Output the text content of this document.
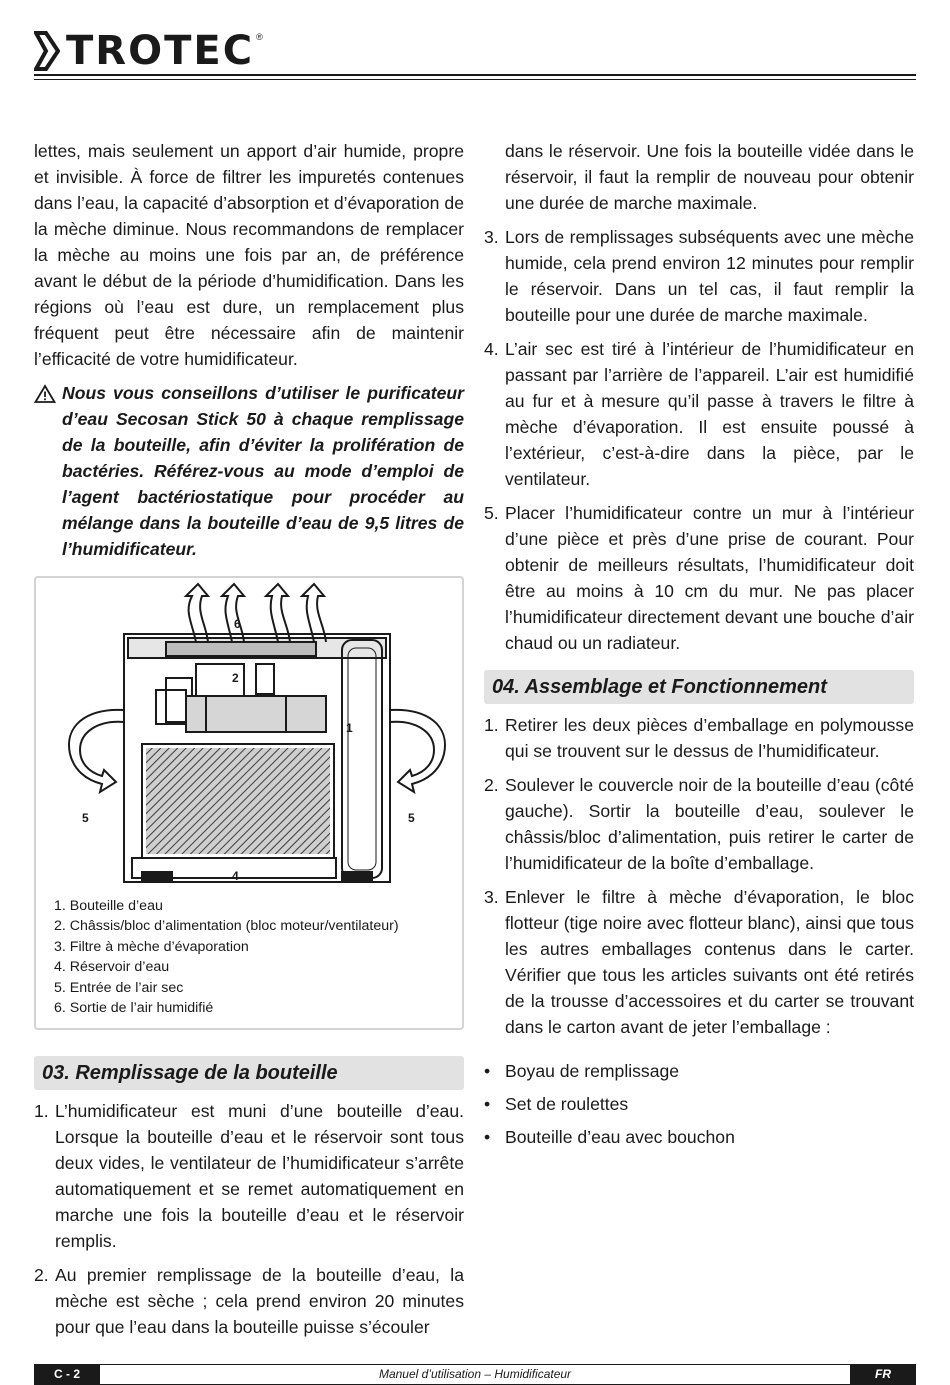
TROTEC ®

lettes, mais seulement un apport d’air humide, propre et invisible. À force de filtrer les impuretés contenues dans l’eau, la capacité d’absorption et d’évaporation de la mèche diminue. Nous recommandons de remplacer la mèche au moins une fois par an, de préférence avant le début de la période d’humidification. Dans les régions où l’eau est dure, un remplacement plus fréquent peut être nécessaire afin de maintenir l’efficacité de votre humidificateur.

Nous vous conseillons d’utiliser le purificateur d’eau Secosan Stick 50 à chaque remplissage de la bouteille, afin d’éviter la prolifération de bactéries. Référez-vous au mode d’emploi de l’agent bactériostatique pour procéder au mélange dans la bouteille d’eau de 9,5 litres de l’humidificateur.
6
2
1
5	5
4
1. Bouteille d’eau
2. Châssis/bloc d’alimentation (bloc moteur/ventilateur)
3. Filtre à mèche d’évaporation
4. Réservoir d’eau
5. Entrée de l’air sec
6. Sortie de l’air humidifié
03. Remplissage de la bouteille
1. L’humidificateur est muni d’une bouteille d’eau. Lorsque la bouteille d’eau et le réservoir sont tous deux vides, le ventilateur de l’humidificateur s’arrête automatiquement et se remet automatiquement en marche une fois la bouteille d’eau et le réservoir remplis.
2. Au premier remplissage de la bouteille d’eau, la mèche est sèche ; cela prend environ 20 minutes pour que l’eau dans la bouteille puisse s’écouler

dans le réservoir. Une fois la bouteille vidée dans le réservoir, il faut la remplir de nouveau pour obtenir une durée de marche maximale.

3. Lors de remplissages subséquents avec une mèche humide, cela prend environ 12 minutes pour remplir le réservoir. Dans un tel cas, il faut remplir la bouteille pour une durée de marche maximale.
4. L’air sec est tiré à l’intérieur de l’humidificateur en passant par l’arrière de l’appareil. L’air est humidifié au fur et à mesure qu’il passe à travers le filtre à mèche d’évaporation. Il est ensuite poussé à l’extérieur, c’est-à-dire dans la pièce, par le ventilateur.
5. Placer l’humidificateur contre un mur à l’intérieur d’une pièce et près d’une prise de courant. Pour obtenir de meilleurs résultats, l’humidificateur doit être au moins à 10 cm du mur. Ne pas placer l’humidificateur directement devant une bouche d’air chaud ou un radiateur.
04. Assemblage et Fonctionnement
1. Retirer les deux pièces d’emballage en polymousse qui se trouvent sur le dessus de l’humidificateur.
2. Soulever le couvercle noir de la bouteille d’eau (côté gauche). Sortir la bouteille d’eau, soulever le châssis/bloc d’alimentation, puis retirer le carter de l’humidificateur de la boîte d’emballage.
3. Enlever le filtre à mèche d’évaporation, le bloc flotteur (tige noire avec flotteur blanc), ainsi que tous les autres emballages contenus dans le carter. Vérifier que tous les articles suivants ont été retirés de la trousse d’accessoires et du carter se trouvant dans le carton avant de jeter l’emballage :
• Boyau de remplissage
• Set de roulettes
• Bouteille d’eau avec bouchon
Manuel d’utilisation – Humidificateur
C - 2	FR
